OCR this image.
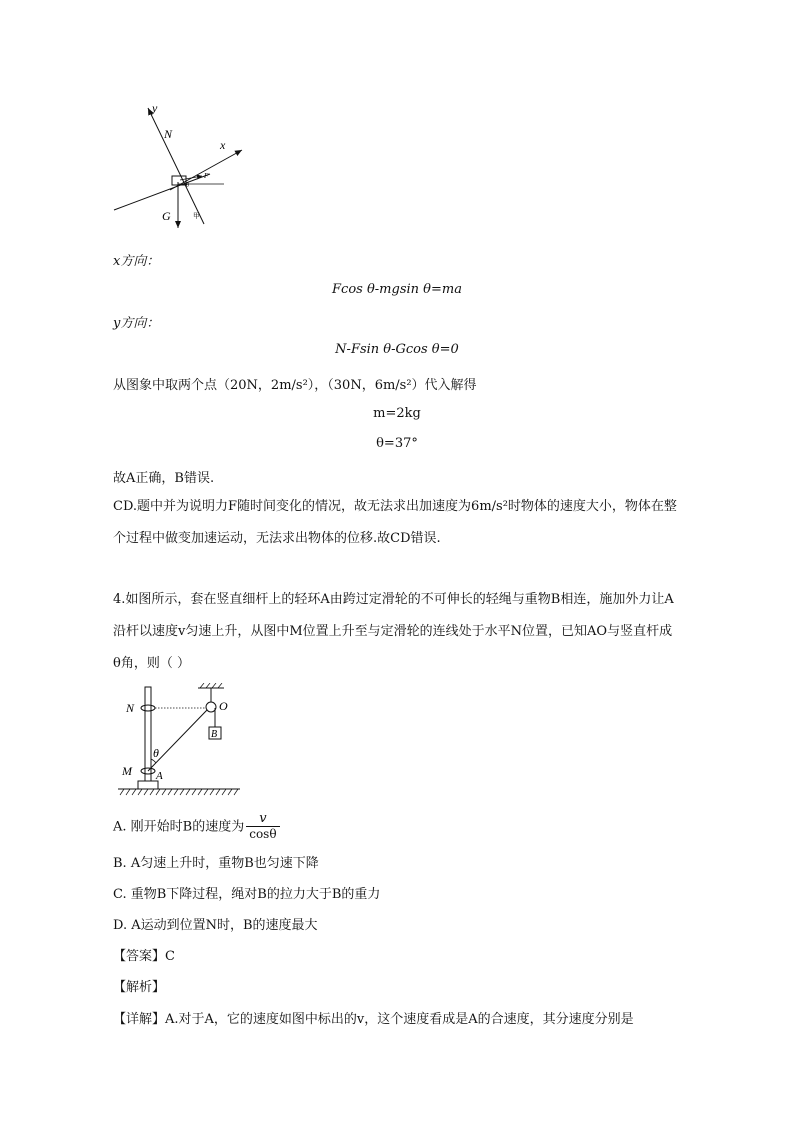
y
N
x
F
θ
G	甲
x方向：
Fcos θ-mgsin θ=ma
y方向：
N-Fsin θ-Gcos θ=0
从图象中取两个点（20N，2m/s²），（30N，6m/s²）代入解得
m=2kg
θ=37°
故A正确，B错误.
CD.题中并为说明力F随时间变化的情况，故无法求出加速度为6m/s²时物体的速度大小，物体在整个过程中做变加速运动，无法求出物体的位移.故CD错误.
4.如图所示，套在竖直细杆上的轻环A由跨过定滑轮的不可伸长的轻绳与重物B相连，施加外力让A沿杆以速度v匀速上升，从图中M位置上升至与定滑轮的连线处于水平N位置，已知AO与竖直杆成 θ角，则（ ）
N	O
B
θ
M A
A. 刚开始时B的速度为 $\frac{v}{\cos\theta}$
B. A匀速上升时，重物B也匀速下降
C. 重物B下降过程，绳对B的拉力大于B的重力
D. A运动到位置N时，B的速度最大
【答案】C
【解析】
【详解】A.对于A，它的速度如图中标出的v，这个速度看成是A的合速度，其分速度分别是
